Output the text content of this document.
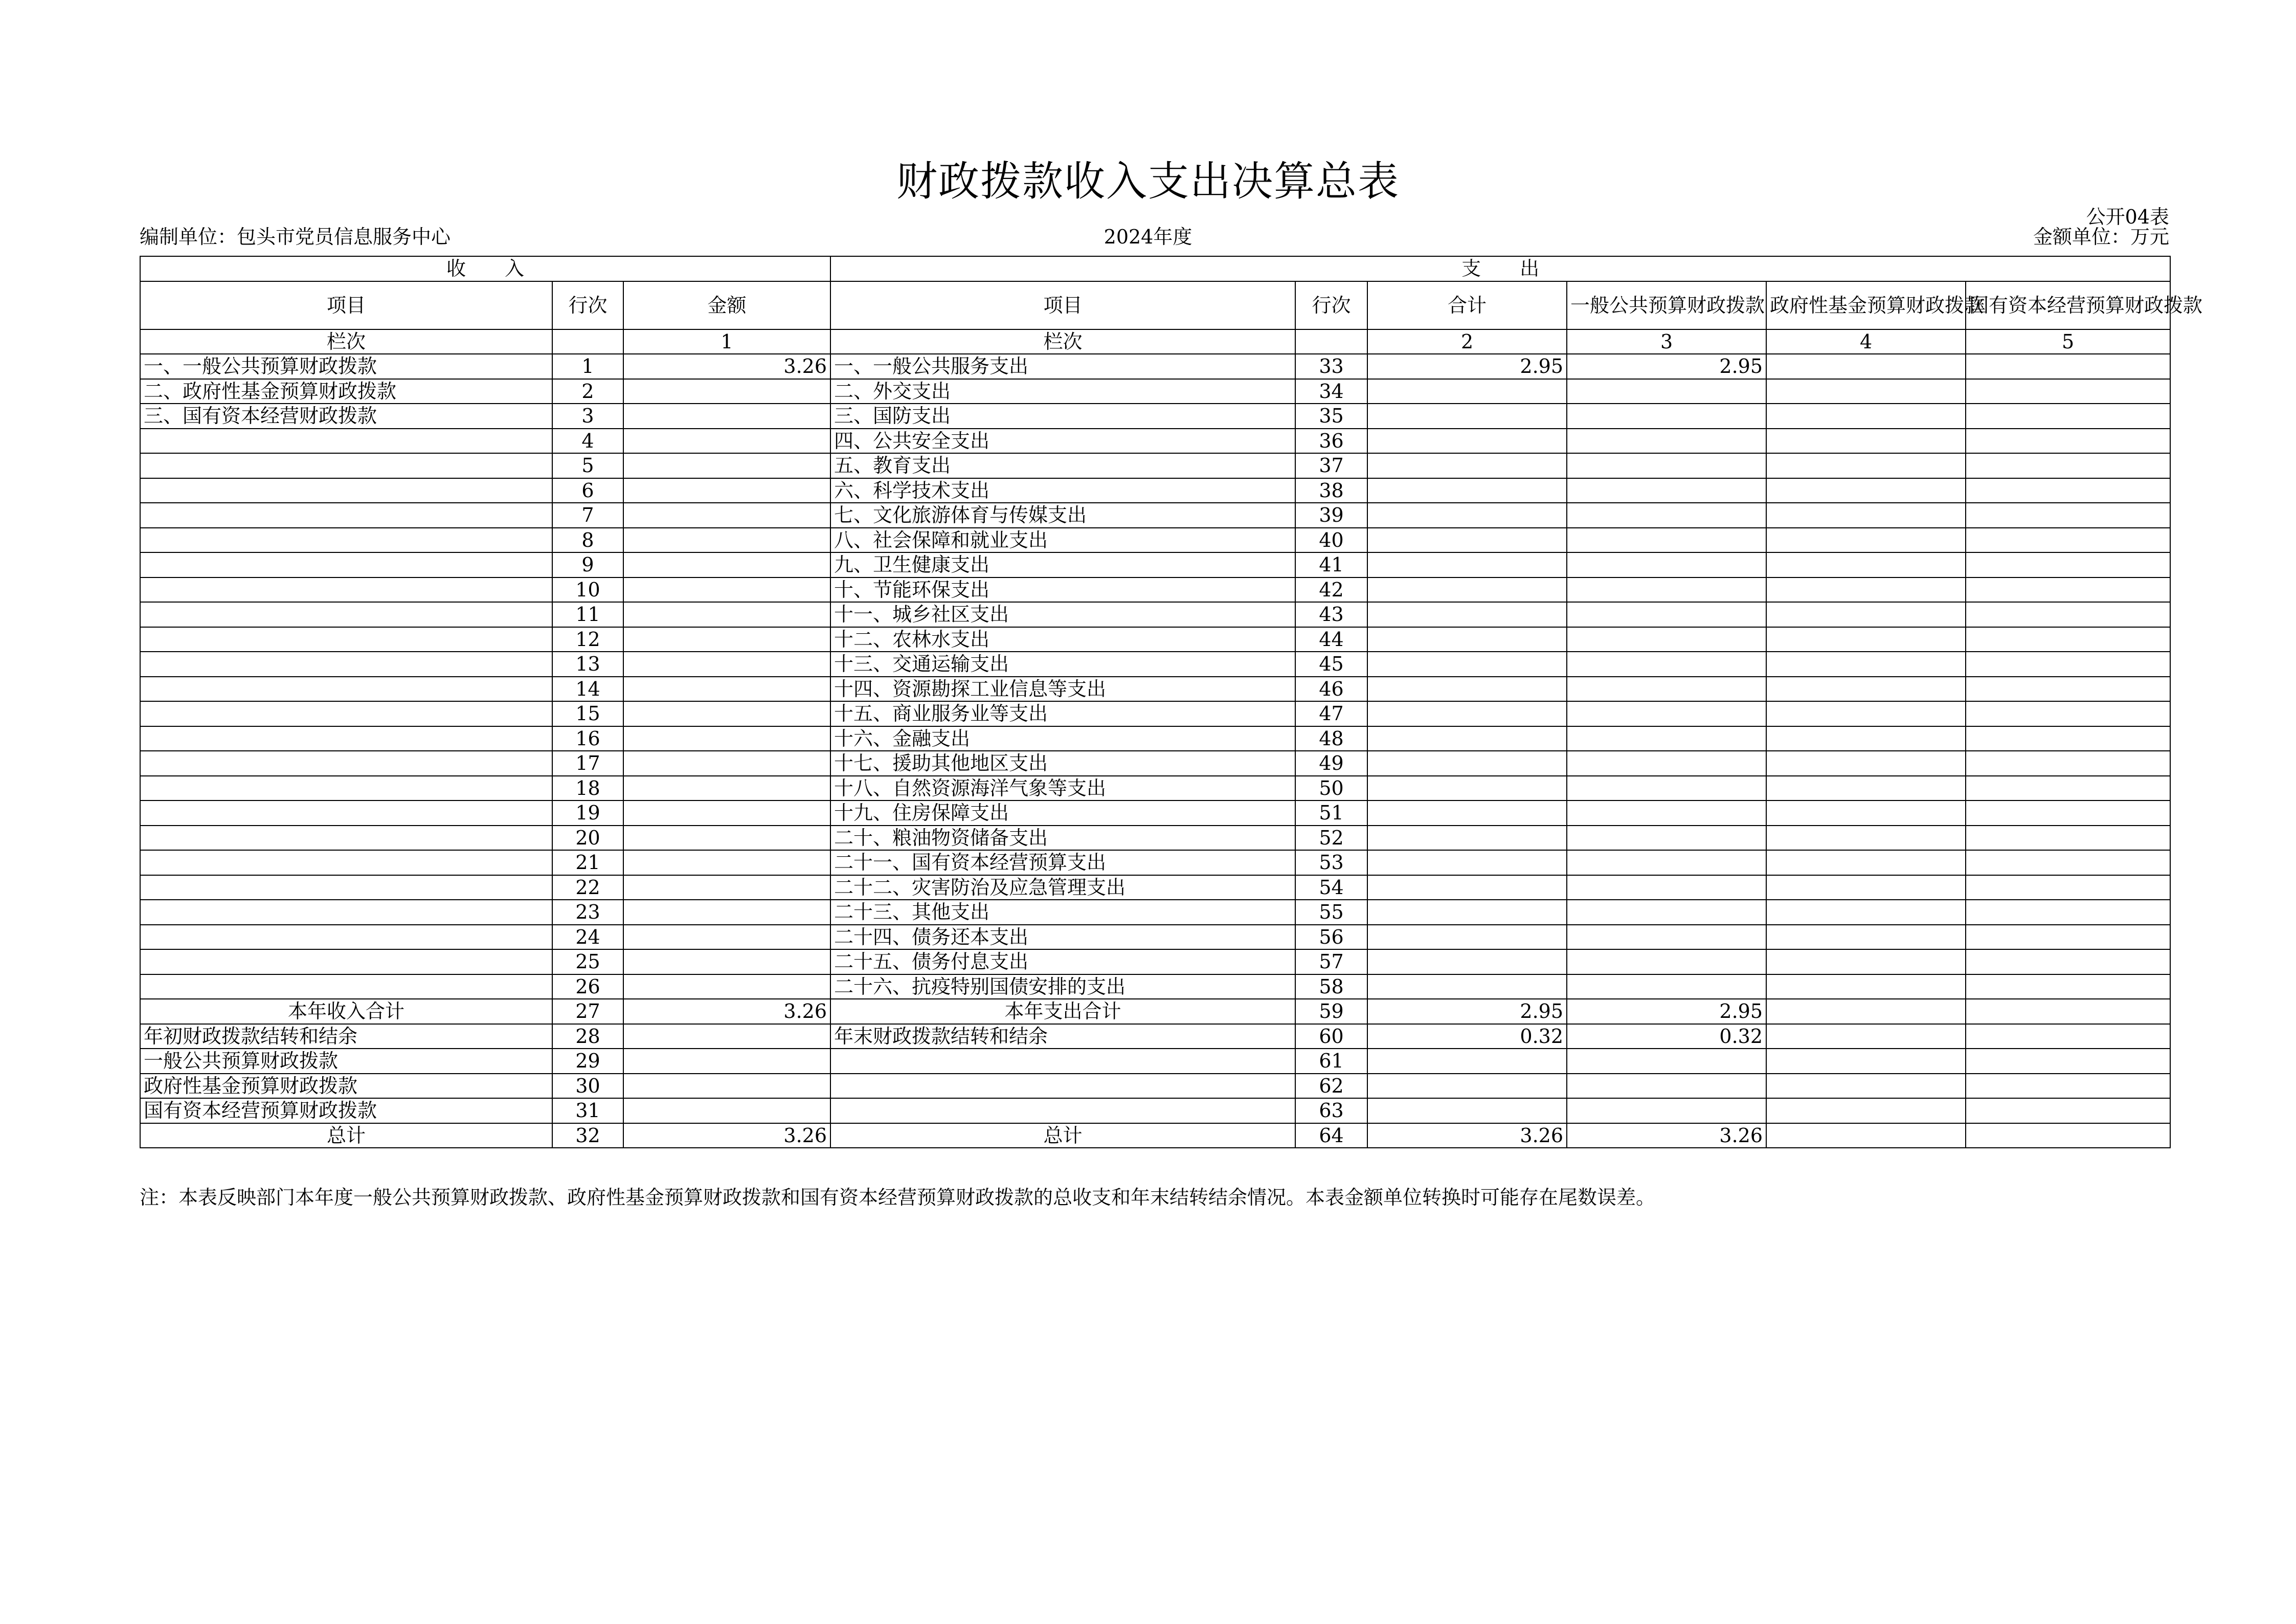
财政拨款收入支出决算总表
公开04表
编制单位：包头市党员信息服务中心	2024年度	金额单位：万元
收　　入			支　　出					
项目	行次	金额	项目	行次	合计	一般公共预算财政拨款	政府性基金预算财政拨款	国有资本经营预算财政拨款
栏次		1	栏次		2	3	4	5
一、一般公共预算财政拨款	1	3.26	一、一般公共服务支出	33	2.95	2.95		
二、政府性基金预算财政拨款	2		二、外交支出	34				
三、国有资本经营财政拨款	3		三、国防支出	35				
	4		四、公共安全支出	36				
	5		五、教育支出	37				
	6		六、科学技术支出	38				
	7		七、文化旅游体育与传媒支出	39				
	8		八、社会保障和就业支出	40				
	9		九、卫生健康支出	41				
	10		十、节能环保支出	42				
	11		十一、城乡社区支出	43				
	12		十二、农林水支出	44				
	13		十三、交通运输支出	45				
	14		十四、资源勘探工业信息等支出	46				
	15		十五、商业服务业等支出	47				
	16		十六、金融支出	48				
	17		十七、援助其他地区支出	49				
	18		十八、自然资源海洋气象等支出	50				
	19		十九、住房保障支出	51				
	20		二十、粮油物资储备支出	52				
	21		二十一、国有资本经营预算支出	53				
	22		二十二、灾害防治及应急管理支出	54				
	23		二十三、其他支出	55				
	24		二十四、债务还本支出	56				
	25		二十五、债务付息支出	57				
	26		二十六、抗疫特别国债安排的支出	58				
本年收入合计	27	3.26	本年支出合计	59	2.95	2.95		
年初财政拨款结转和结余	28		年末财政拨款结转和结余	60	0.32	0.32		
一般公共预算财政拨款	29			61				
政府性基金预算财政拨款	30			62				
国有资本经营预算财政拨款	31			63				
总计	32	3.26	总计	64	3.26	3.26		
注：本表反映部门本年度一般公共预算财政拨款、政府性基金预算财政拨款和国有资本经营预算财政拨款的总收支和年末结转结余情况。本表金额单位转换时可能存在尾数误差。
